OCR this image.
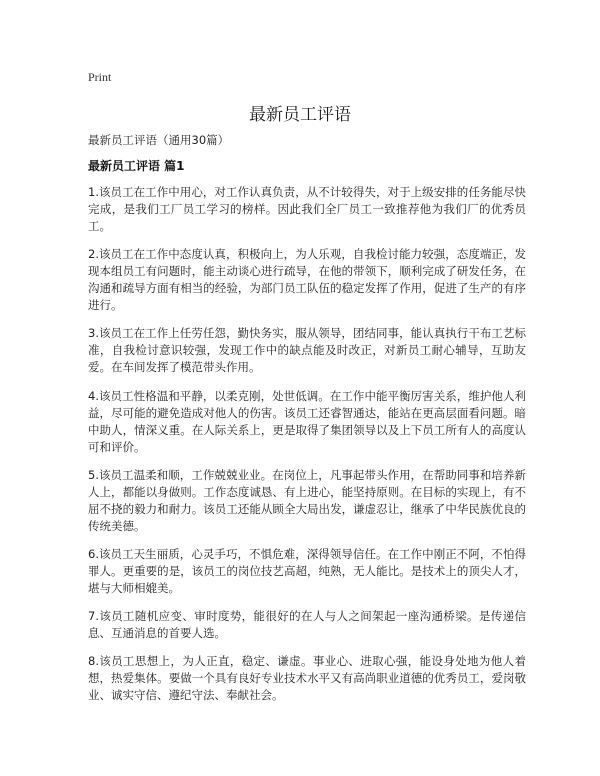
Print
最新员工评语
最新员工评语（通用30篇）
最新员工评语 篇1

1.该员工在工作中用心，对工作认真负责，从不计较得失，对于上级安排的任务能尽快完成，是我们工厂员工学习的榜样。因此我们全厂员工一致推荐他为我们厂的优秀员工。

2.该员工在工作中态度认真，积极向上，为人乐观，自我检讨能力较强，态度端正，发现本组员工有问题时，能主动谈心进行疏导，在他的带领下，顺利完成了研发任务，在沟通和疏导方面有相当的经验，为部门员工队伍的稳定发挥了作用，促进了生产的有序进行。

3.该员工在工作上任劳任怨，勤快务实，服从领导，团结同事，能认真执行干布工艺标准，自我检讨意识较强，发现工作中的缺点能及时改正，对新员工耐心辅导，互助友爱。在车间发挥了模范带头作用。

4.该员工性格温和平静，以柔克刚，处世低调。在工作中能平衡厉害关系，维护他人利益，尽可能的避免造成对他人的伤害。该员工还睿智通达，能站在更高层面看问题。暗中助人，情深义重。在人际关系上，更是取得了集团领导以及上下员工所有人的高度认可和评价。

5.该员工温柔和顺，工作兢兢业业。在岗位上，凡事起带头作用，在帮助同事和培养新人上，都能以身做则。工作态度诚恳、有上进心，能坚持原则。在目标的实现上，有不屈不挠的毅力和耐力。该员工还能从顾全大局出发，谦虚忍让，继承了中华民族优良的传统美德。

6.该员工天生丽质，心灵手巧，不惧危难，深得领导信任。在工作中刚正不阿，不怕得罪人。更重要的是，该员工的岗位技艺高超，纯熟，无人能比。是技术上的顶尖人才，堪与大师相媲美。

7.该员工随机应变、审时度势，能很好的在人与人之间架起一座沟通桥梁。是传递信息、互通消息的首要人选。

8.该员工思想上，为人正直，稳定、谦虚。事业心、进取心强，能设身处地为他人着想，热爱集体。要做一个具有良好专业技术水平又有高尚职业道德的优秀员工，爱岗敬业、诚实守信、遵纪守法、奉献社会。
